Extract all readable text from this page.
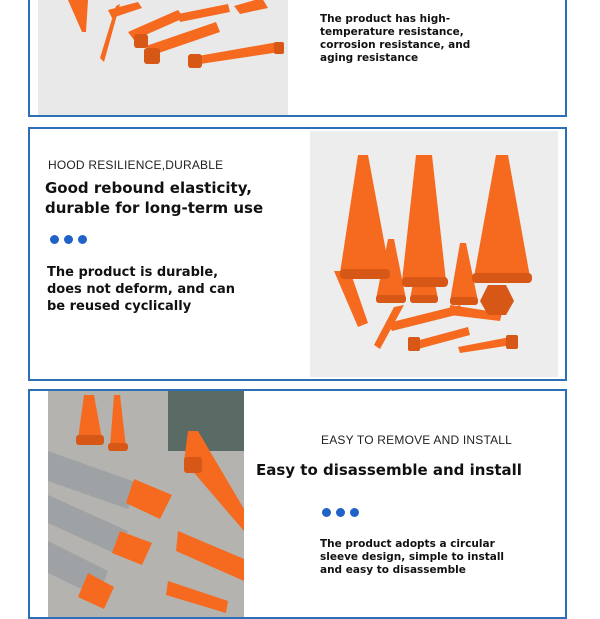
The product has high-temperature resistance, corrosion resistance, and aging resistance
HOOD RESILIENCE,DURABLE
Good rebound elasticity, durable for long-term use
The product is durable, does not deform, and can be reused cyclically
EASY TO REMOVE AND INSTALL
Easy to disassemble and install
The product adopts a circular sleeve design, simple to install and easy to disassemble
